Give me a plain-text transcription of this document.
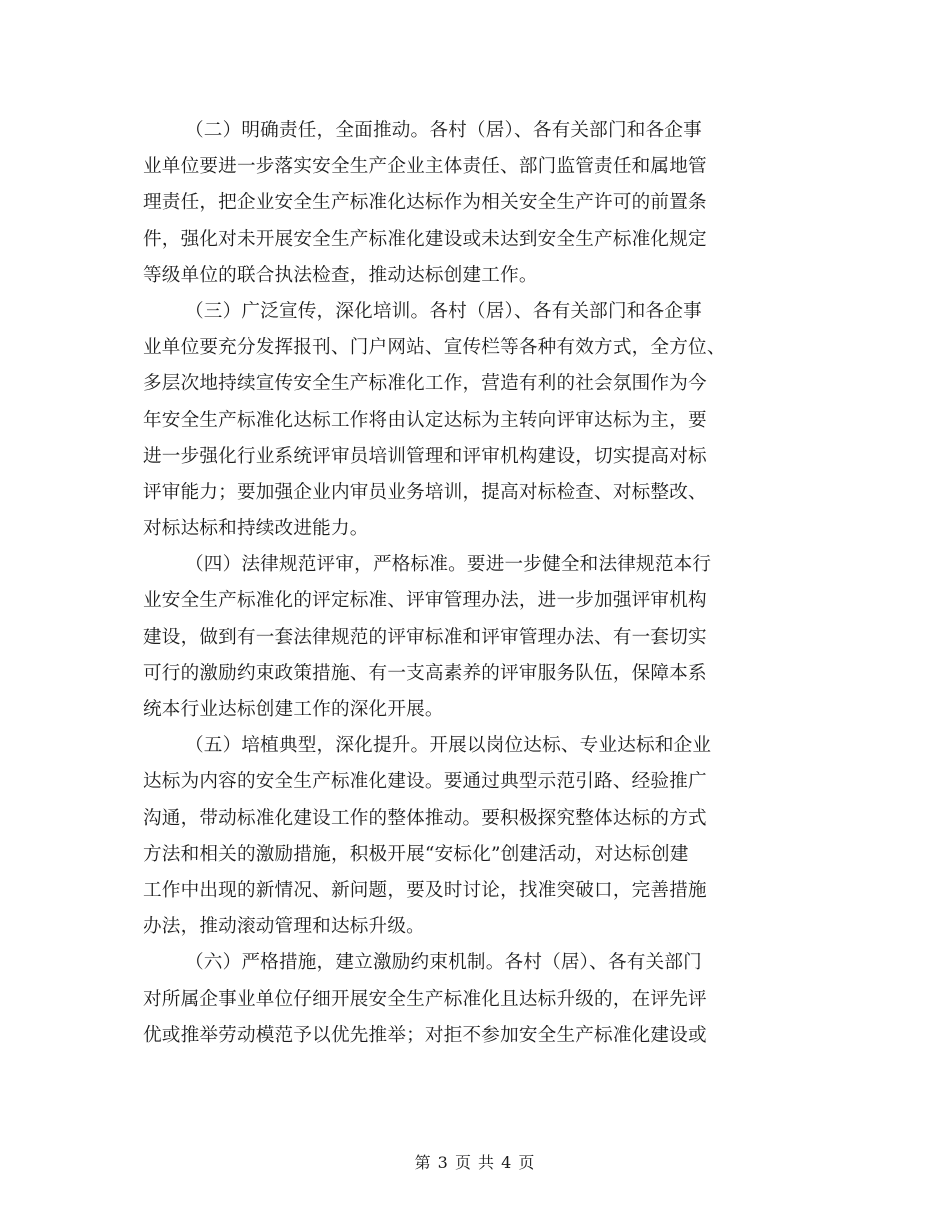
（二）明确责任，全面推动。各村（居）、各有关部门和各企事
业单位要进一步落实安全生产企业主体责任、部门监管责任和属地管
理责任，把企业安全生产标准化达标作为相关安全生产许可的前置条
件，强化对未开展安全生产标准化建设或未达到安全生产标准化规定
等级单位的联合执法检查，推动达标创建工作。
（三）广泛宣传，深化培训。各村（居）、各有关部门和各企事
业单位要充分发挥报刊、门户网站、宣传栏等各种有效方式，全方位、
多层次地持续宣传安全生产标准化工作，营造有利的社会氛围作为今
年安全生产标准化达标工作将由认定达标为主转向评审达标为主，要
进一步强化行业系统评审员培训管理和评审机构建设，切实提高对标
评审能力；要加强企业内审员业务培训，提高对标检查、对标整改、
对标达标和持续改进能力。
（四）法律规范评审，严格标准。要进一步健全和法律规范本行
业安全生产标准化的评定标准、评审管理办法，进一步加强评审机构
建设，做到有一套法律规范的评审标准和评审管理办法、有一套切实
可行的激励约束政策措施、有一支高素养的评审服务队伍，保障本系
统本行业达标创建工作的深化开展。
（五）培植典型，深化提升。开展以岗位达标、专业达标和企业
达标为内容的安全生产标准化建设。要通过典型示范引路、经验推广
沟通，带动标准化建设工作的整体推动。要积极探究整体达标的方式
方法和相关的激励措施，积极开展“安标化”创建活动，对达标创建
工作中出现的新情况、新问题，要及时讨论，找准突破口，完善措施
办法，推动滚动管理和达标升级。
（六）严格措施，建立激励约束机制。各村（居）、各有关部门
对所属企事业单位仔细开展安全生产标准化且达标升级的，在评先评
优或推举劳动模范予以优先推举；对拒不参加安全生产标准化建设或
第 3 页 共 4 页
